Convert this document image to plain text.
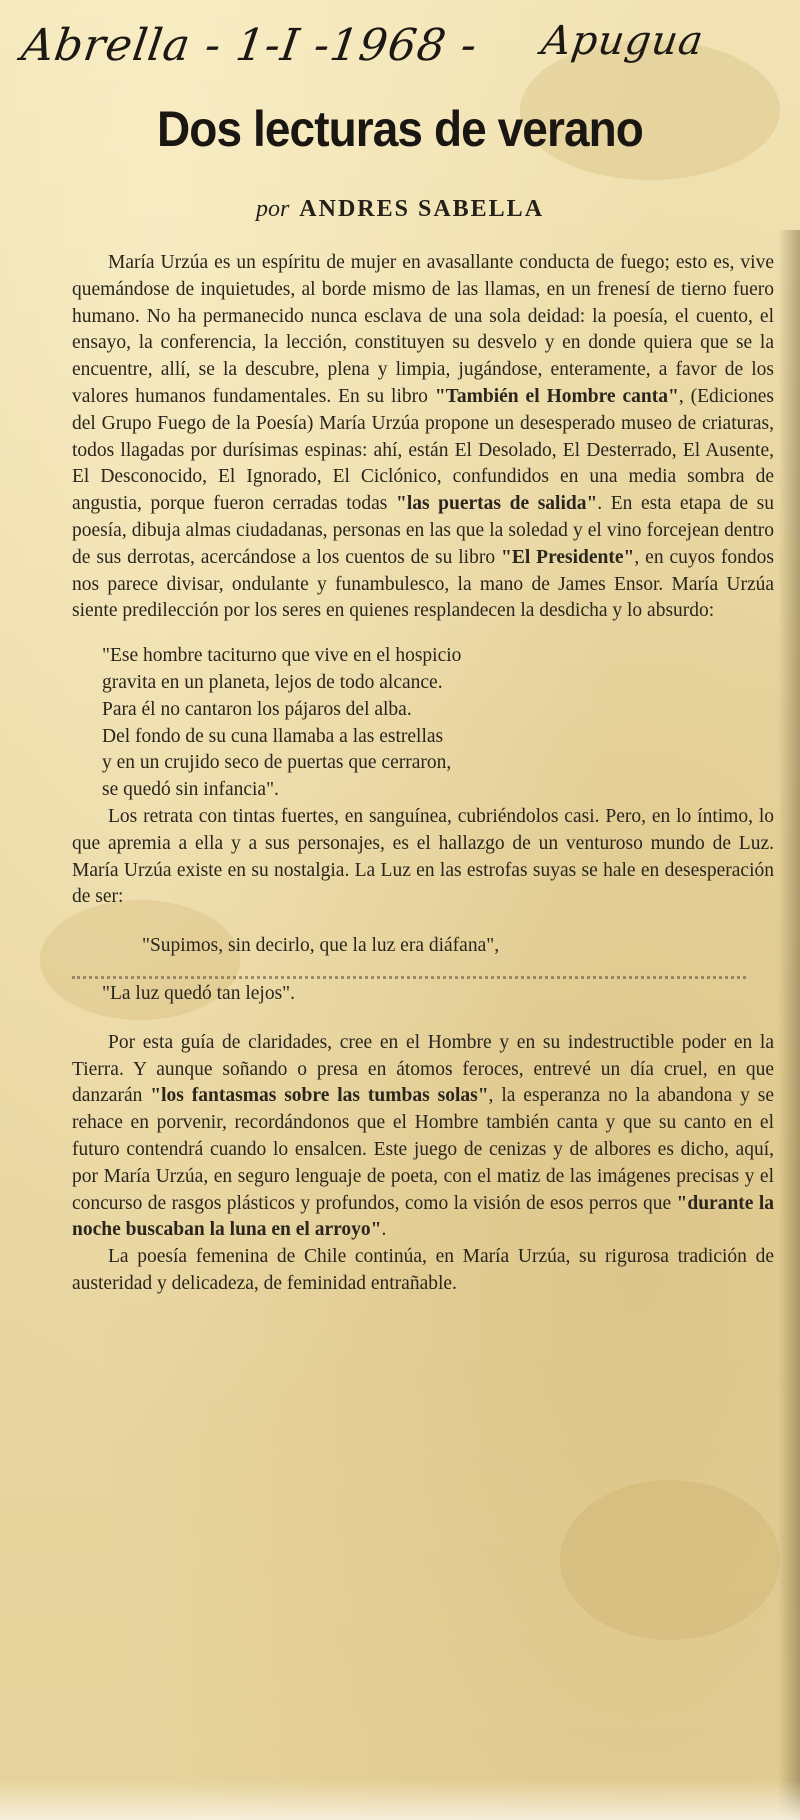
Abrella - 1-I -1968 - Apugua
Dos lecturas de verano
por ANDRES SABELLA

María Urzúa es un espíritu de mujer en avasallante conducta de fuego; esto es, vive quemándose de inquietudes, al borde mismo de las llamas, en un frenesí de tierno fuero humano. No ha permanecido nunca esclava de una sola deidad: la poesía, el cuento, el ensayo, la conferencia, la lección, constituyen su desvelo y en donde quiera que se la encuentre, allí, se la descubre, plena y limpia, jugándose, enteramente, a favor de los valores humanos fundamentales. En su libro "También el Hombre canta", (Ediciones del Grupo Fuego de la Poesía) María Urzúa propone un desesperado museo de criaturas, todos llagadas por durísimas espinas: ahí, están El Desolado, El Desterrado, El Ausente, El Desconocido, El Ignorado, El Ciclónico, confundidos en una media sombra de angustia, porque fueron cerradas todas "las puertas de salida". En esta etapa de su poesía, dibuja almas ciudadanas, personas en las que la soledad y el vino forcejean dentro de sus derrotas, acercándose a los cuentos de su libro "El Presidente", en cuyos fondos nos parece divisar, ondulante y funambulesco, la mano de James Ensor. María Urzúa siente predilección por los seres en quienes resplandecen la desdicha y lo absurdo:

"Ese hombre taciturno que vive en el hospicio
gravita en un planeta, lejos de todo alcance.
Para él no cantaron los pájaros del alba.
Del fondo de su cuna llamaba a las estrellas
y en un crujido seco de puertas que cerraron,
se quedó sin infancia".

Los retrata con tintas fuertes, en sanguínea, cubriéndolos casi. Pero, en lo íntimo, lo que apremia a ella y a sus personajes, es el hallazgo de un venturoso mundo de Luz. María Urzúa existe en su nostalgia. La Luz en las estrofas suyas se hale en desesperación de ser:

"Supimos, sin decirlo, que la luz era diáfana",
"La luz quedó tan lejos".

Por esta guía de claridades, cree en el Hombre y en su indestructible poder en la Tierra. Y aunque soñando o presa en átomos feroces, entrevé un día cruel, en que danzarán "los fantasmas sobre las tumbas solas", la esperanza no la abandona y se rehace en porvenir, recordándonos que el Hombre también canta y que su canto en el futuro contendrá cuando lo ensalcen. Este juego de cenizas y de albores es dicho, aquí, por María Urzúa, en seguro lenguaje de poeta, con el matiz de las imágenes precisas y el concurso de rasgos plásticos y profundos, como la visión de esos perros que "durante la noche buscaban la luna en el arroyo".

La poesía femenina de Chile continúa, en María Urzúa, su rigurosa tradición de austeridad y delicadeza, de feminidad entrañable.
